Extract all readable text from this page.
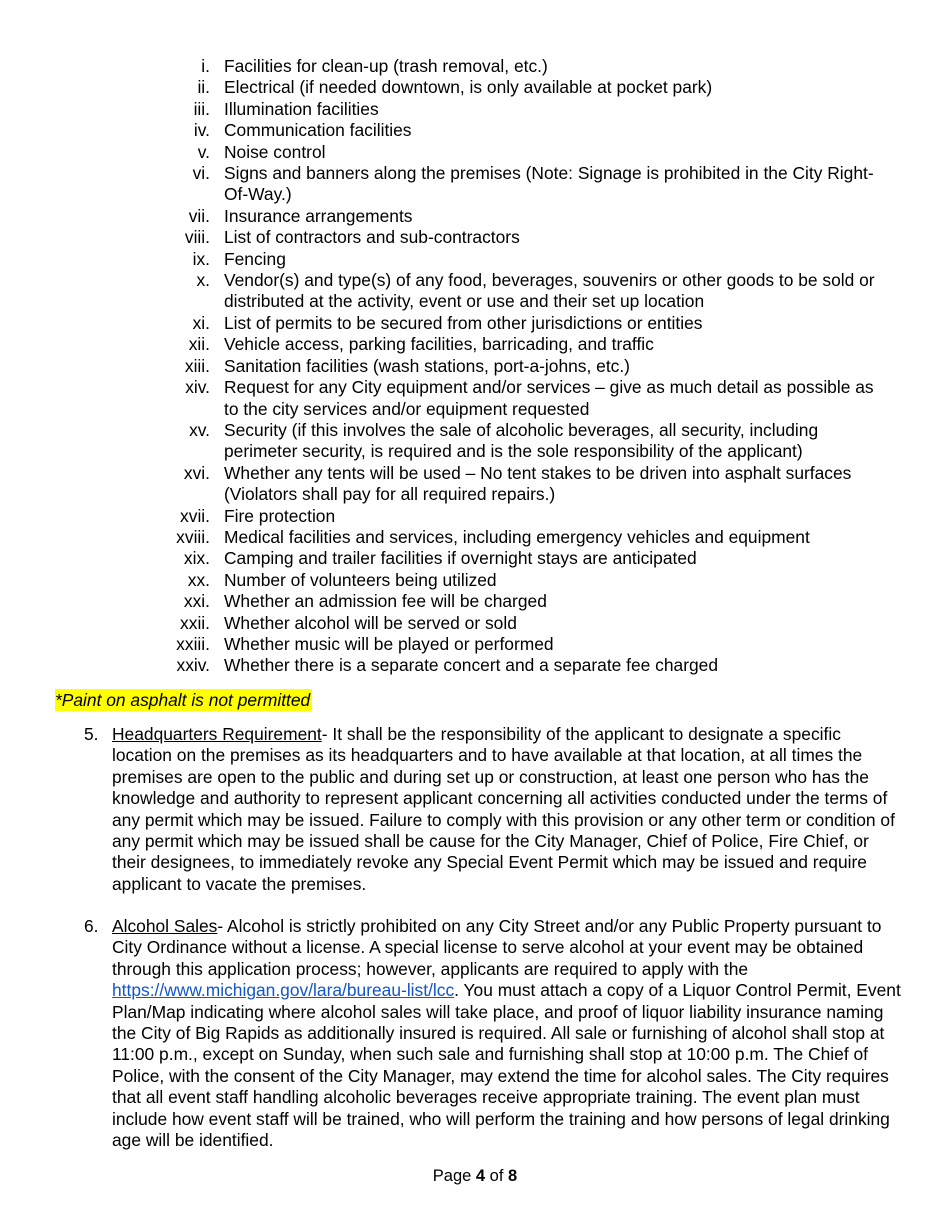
i. Facilities for clean-up (trash removal, etc.)
ii. Electrical (if needed downtown, is only available at pocket park)
iii. Illumination facilities
iv. Communication facilities
v. Noise control
vi. Signs and banners along the premises (Note: Signage is prohibited in the City Right-Of-Way.)
vii. Insurance arrangements
viii. List of contractors and sub-contractors
ix. Fencing
x. Vendor(s) and type(s) of any food, beverages, souvenirs or other goods to be sold or distributed at the activity, event or use and their set up location
xi. List of permits to be secured from other jurisdictions or entities
xii. Vehicle access, parking facilities, barricading, and traffic
xiii. Sanitation facilities (wash stations, port-a-johns, etc.)
xiv. Request for any City equipment and/or services – give as much detail as possible as to the city services and/or equipment requested
xv. Security (if this involves the sale of alcoholic beverages, all security, including perimeter security, is required and is the sole responsibility of the applicant)
xvi. Whether any tents will be used – No tent stakes to be driven into asphalt surfaces (Violators shall pay for all required repairs.)
xvii. Fire protection
xviii. Medical facilities and services, including emergency vehicles and equipment
xix. Camping and trailer facilities if overnight stays are anticipated
xx. Number of volunteers being utilized
xxi. Whether an admission fee will be charged
xxii. Whether alcohol will be served or sold
xxiii. Whether music will be played or performed
xxiv. Whether there is a separate concert and a separate fee charged
*Paint on asphalt is not permitted
5. Headquarters Requirement- It shall be the responsibility of the applicant to designate a specific location on the premises as its headquarters and to have available at that location, at all times the premises are open to the public and during set up or construction, at least one person who has the knowledge and authority to represent applicant concerning all activities conducted under the terms of any permit which may be issued. Failure to comply with this provision or any other term or condition of any permit which may be issued shall be cause for the City Manager, Chief of Police, Fire Chief, or their designees, to immediately revoke any Special Event Permit which may be issued and require applicant to vacate the premises.
6. Alcohol Sales- Alcohol is strictly prohibited on any City Street and/or any Public Property pursuant to City Ordinance without a license. A special license to serve alcohol at your event may be obtained through this application process; however, applicants are required to apply with the https://www.michigan.gov/lara/bureau-list/lcc. You must attach a copy of a Liquor Control Permit, Event Plan/Map indicating where alcohol sales will take place, and proof of liquor liability insurance naming the City of Big Rapids as additionally insured is required. All sale or furnishing of alcohol shall stop at 11:00 p.m., except on Sunday, when such sale and furnishing shall stop at 10:00 p.m. The Chief of Police, with the consent of the City Manager, may extend the time for alcohol sales. The City requires that all event staff handling alcoholic beverages receive appropriate training. The event plan must include how event staff will be trained, who will perform the training and how persons of legal drinking age will be identified.
Page 4 of 8
